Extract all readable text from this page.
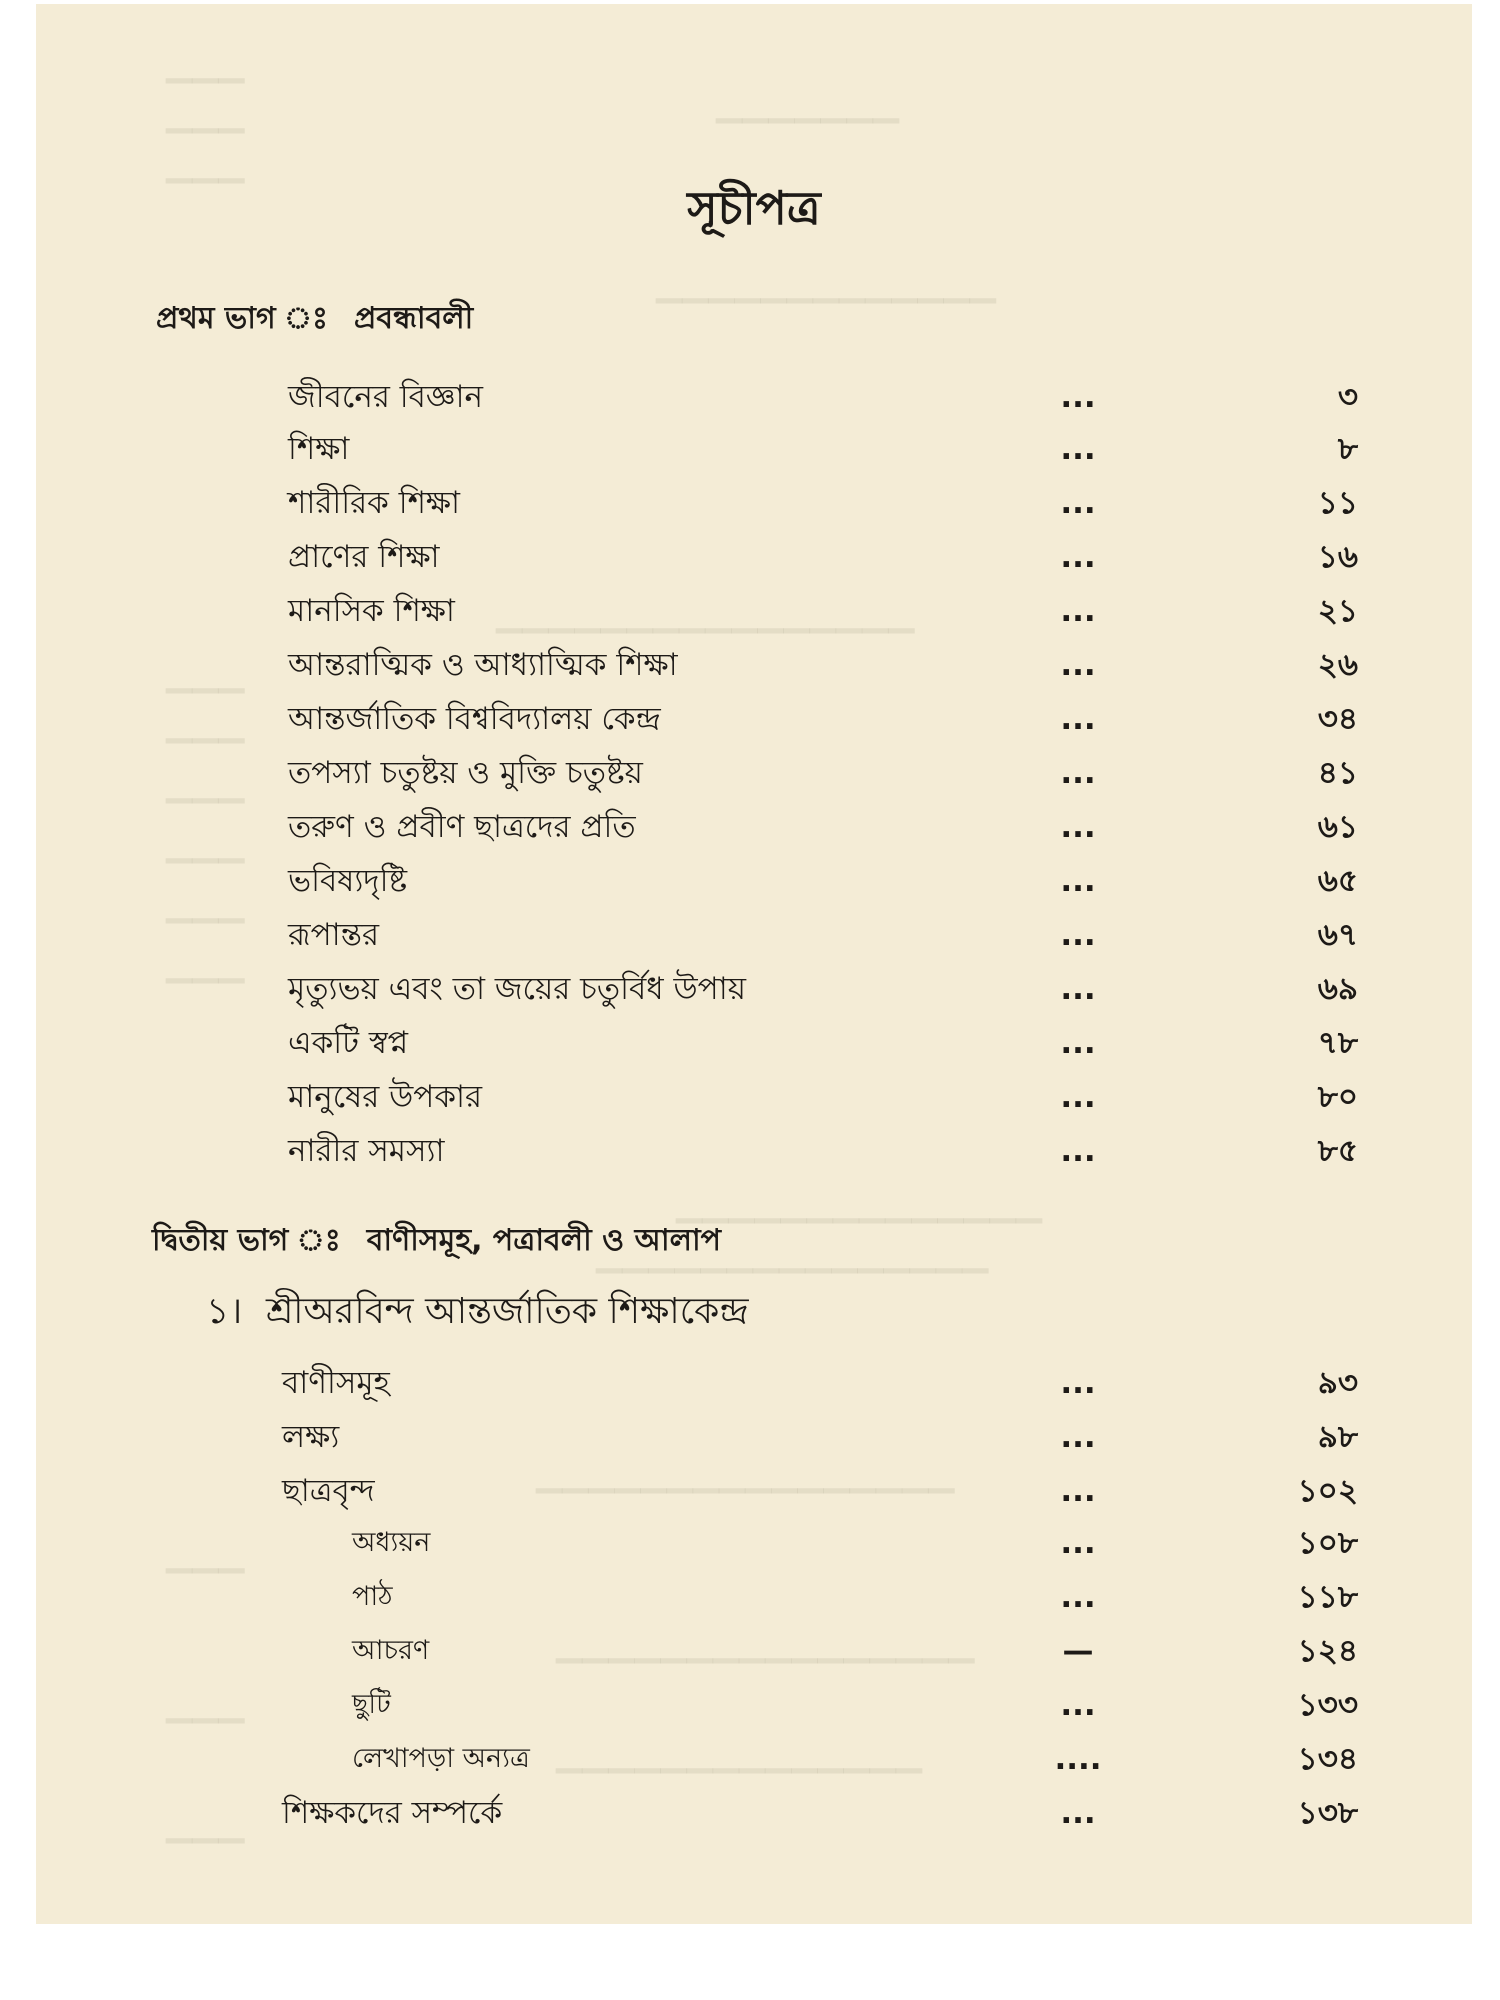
▁▁▁
▁▁▁
▁▁▁
▁▁▁▁▁▁▁
▁▁▁▁▁▁▁▁▁▁▁▁▁
▁▁▁▁▁▁▁▁▁▁▁▁▁▁▁▁
▁▁▁
▁▁▁
▁▁▁
▁▁▁
▁▁▁
▁▁▁
▁▁▁▁▁▁▁▁▁▁▁▁▁▁
▁▁▁▁▁▁▁▁▁▁▁▁▁▁▁
▁▁▁▁▁▁▁▁▁▁▁▁▁▁▁▁
▁▁▁▁▁▁▁▁▁▁▁▁▁▁▁▁
▁▁▁▁▁▁▁▁▁▁▁▁▁▁
▁▁▁
▁▁▁
▁▁▁
সূচীপত্র
প্রথম ভাগ ঃ প্রবন্ধাবলী
জীবনের বিজ্ঞান	...	৩
শিক্ষা	...	৮
শারীরিক শিক্ষা	...	১১
প্রাণের শিক্ষা	...	১৬
মানসিক শিক্ষা	...	২১
আন্তরাত্মিক ও আধ্যাত্মিক শিক্ষা	...	২৬
আন্তর্জাতিক বিশ্ববিদ্যালয় কেন্দ্র	...	৩৪
তপস্যা চতুষ্টয় ও মুক্তি চতুষ্টয়	...	৪১
তরুণ ও প্রবীণ ছাত্রদের প্রতি	...	৬১
ভবিষ্যদৃষ্টি	...	৬৫
রূপান্তর	...	৬৭
মৃত্যুভয় এবং তা জয়ের চতুর্বিধ উপায়	...	৬৯
একটি স্বপ্ন	...	৭৮
মানুষের উপকার	...	৮০
নারীর সমস্যা	...	৮৫
দ্বিতীয় ভাগ ঃ বাণীসমূহ, পত্রাবলী ও আলাপ
১। শ্রীঅরবিন্দ আন্তর্জাতিক শিক্ষাকেন্দ্র
বাণীসমূহ	...	৯৩
লক্ষ্য	...	৯৮
ছাত্রবৃন্দ	...	১০২
অধ্যয়ন	...	১০৮
পাঠ	...	১১৮
আচরণ	—	১২৪
ছুটি	...	১৩৩
লেখাপড়া অন্যত্র	....	১৩৪
শিক্ষকদের সম্পর্কে	...	১৩৮
